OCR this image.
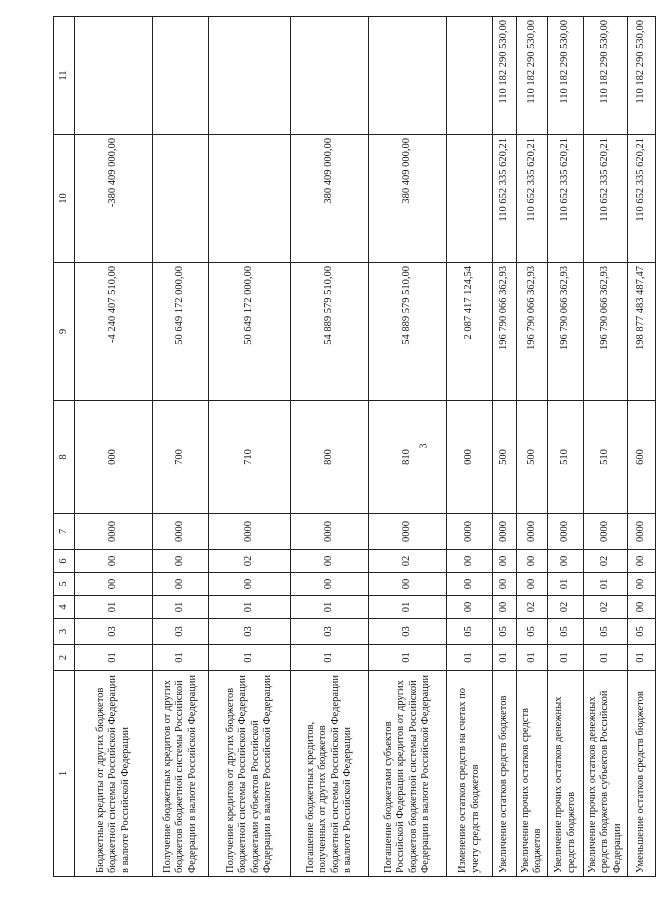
3
1	2	3	4	5	6	7	8	9	10	11
Бюджетные кредиты от других бюджетов бюджетной системы Российской Федерации в валюте Российской Федерации	01	03	01	00	00	0000	000	-4 240 407 510,00	-380 409 000,00	
Получение бюджетных кредитов от других бюджетов бюджетной системы Российской Федерации в валюте Российской Федерации	01	03	01	00	00	0000	700	50 649 172 000,00		
Получение кредитов от других бюджетов бюджетной системы Российской Федерации бюджетами субъектов Российской Федерации в валюте Российской Федерации	01	03	01	00	02	0000	710	50 649 172 000,00		
Погашение бюджетных кредитов, полученных от других бюджетов бюджетной системы Российской Федерации в валюте Российской Федерации	01	03	01	00	00	0000	800	54 889 579 510,00	380 409 000,00	
Погашение бюджетами субъектов Российской Федерации кредитов от других бюджетов бюджетной системы Российской Федерации в валюте Российской Федерации	01	03	01	00	02	0000	810	54 889 579 510,00	380 409 000,00	
Изменение остатков средств на счетах по учету средств бюджетов	01	05	00	00	00	0000	000	2 087 417 124,54		
Увеличение остатков средств бюджетов	01	05	00	00	00	0000	500	196 790 066 362,93	110 652 335 620,21	110 182 290 530,00
Увеличение прочих остатков средств бюджетов	01	05	02	00	00	0000	500	196 790 066 362,93	110 652 335 620,21	110 182 290 530,00
Увеличение прочих остатков денежных средств бюджетов	01	05	02	01	00	0000	510	196 790 066 362,93	110 652 335 620,21	110 182 290 530,00
Увеличение прочих остатков денежных средств бюджетов субъектов Российской Федерации	01	05	02	01	02	0000	510	196 790 066 362,93	110 652 335 620,21	110 182 290 530,00
Уменьшение остатков средств бюджетов	01	05	00	00	00	0000	600	198 877 483 487,47	110 652 335 620,21	110 182 290 530,00
